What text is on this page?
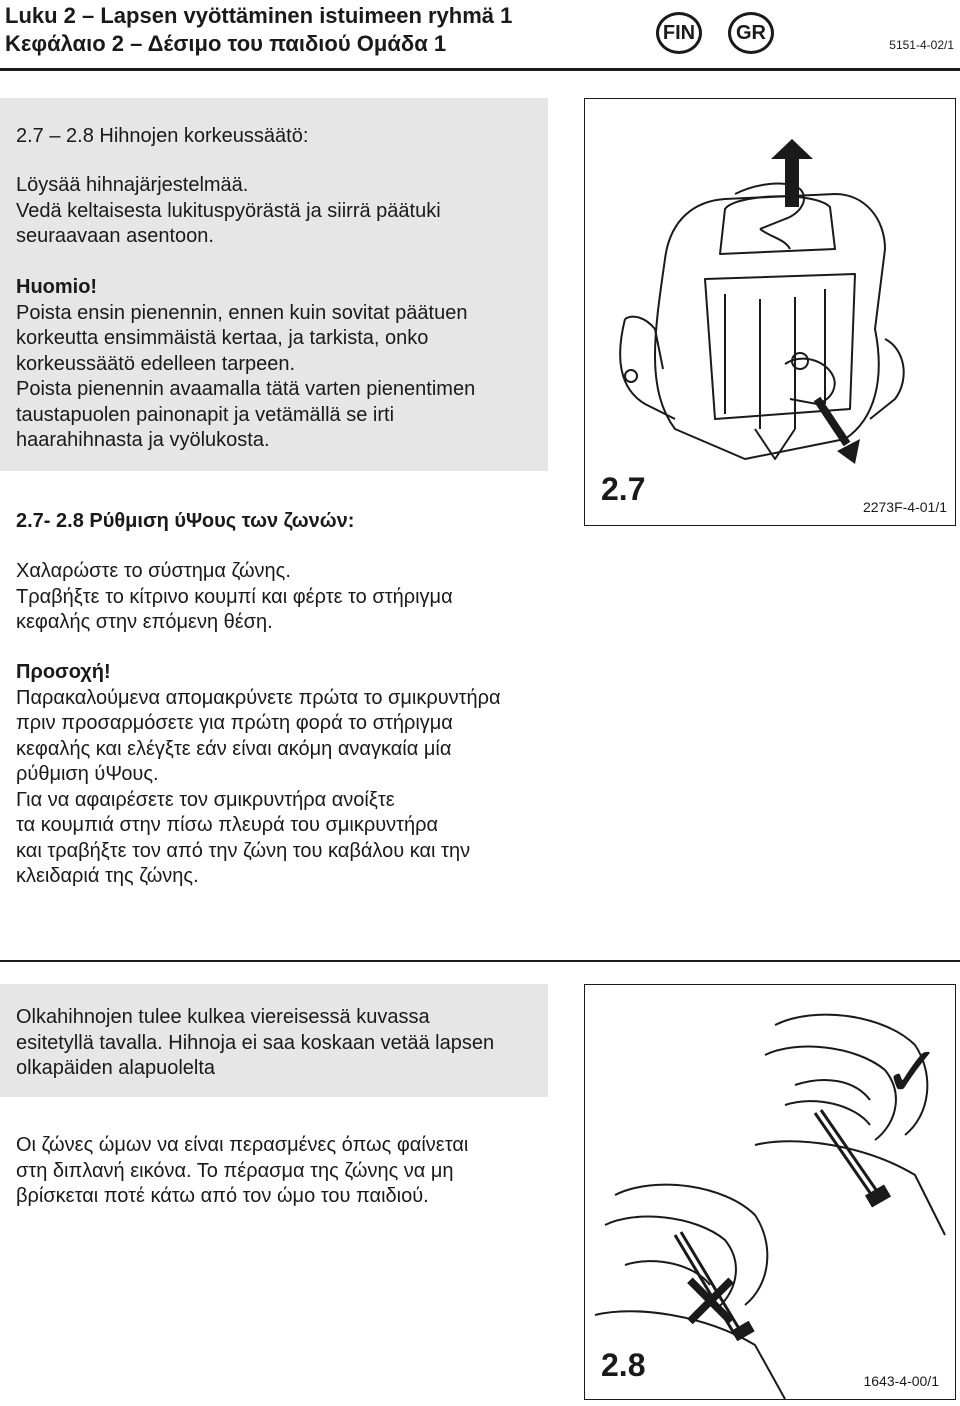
Luku 2 – Lapsen vyöttäminen istuimeen ryhmä 1
Κεφάλαιο 2 – Δέσιμο του παιδιού Ομάδα 1	FIN	GR
5151-4-02/1

2.7 – 2.8 Hihnojen korkeussäätö:

Löysää hihnajärjestelmää.

Vedä keltaisesta lukituspyörästä ja siirrä päätuki

seuraavaan asentoon.

Huomio!

Poista ensin pienennin, ennen kuin sovitat päätuen

korkeutta ensimmäistä kertaa, ja tarkista, onko

korkeussäätö edelleen tarpeen.

Poista pienennin avaamalla tätä varten pienentimen

taustapuolen painonapit ja vetämällä se irti

haarahihnasta ja vyölukosta.

2.7- 2.8 Ρύθμιση ύΨους των ζωνών:

Χαλαρώστε το σύστημα ζώνης.

Τραβήξτε το κίτρινο κουμπί και φέρτε το στήριγμα

κεφαλής στην επόμενη θέση.

Προσοχή!

Παρακαλούμενα απομακρύνετε πρώτα το σμικρυντήρα

πριν προσαρμόσετε για πρώτη φορά το στήριγμα

κεφαλής και ελέγξτε εάν είναι ακόμη αναγκαία μία

ρύθμιση ύΨους.

Για να αφαιρέσετε τον σμικρυντήρα ανοίξτε

τα κουμπιά στην πίσω πλευρά του σμικρυντήρα

και τραβήξτε τον από την ζώνη του καβάλου και την

κλειδαριά της ζώνης.

2.7	2273F-4-01/1

Olkahihnojen tulee kulkea viereisessä kuvassa

esitetyllä tavalla. Hihnoja ei saa koskaan vetää lapsen

olkapäiden alapuolelta

Οι ζώνες ώμων να είναι περασμένες όπως φαίνεται

στη διπλανή εικόνα. Το πέρασμα της ζώνης να μη

βρίσκεται ποτέ κάτω από τον ώμο του παιδιού.

✓
✕
2.8	1643-4-00/1
